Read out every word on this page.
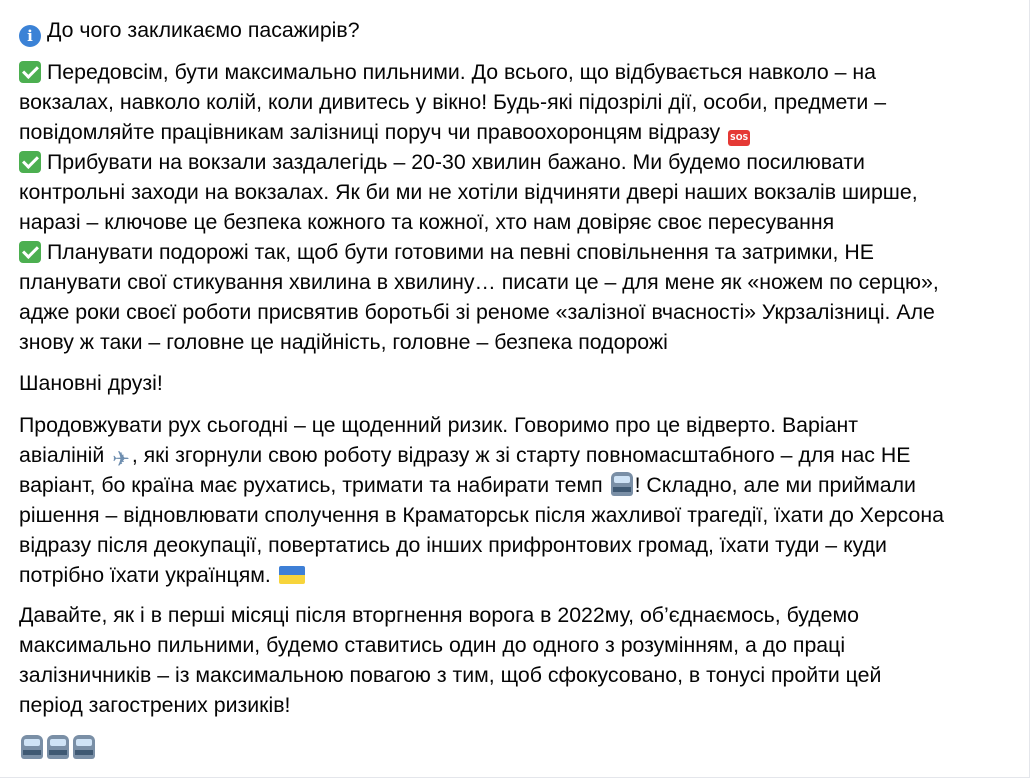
i До чого закликаємо пасажирів?
Передовсім, бути максимально пильними. До всього, що відбувається навколо – на
вокзалах, навколо колій, коли дивитесь у вікно! Будь-які підозрілі дії, особи, предмети –
повідомляйте працівникам залізниці поруч чи правоохоронцям відразу SOS
Прибувати на вокзали заздалегідь – 20-30 хвилин бажано. Ми будемо посилювати
контрольні заходи на вокзалах. Як би ми не хотіли відчиняти двері наших вокзалів ширше,
наразі – ключове це безпека кожного та кожної, хто нам довіряє своє пересування
Планувати подорожі так, щоб бути готовими на певні сповільнення та затримки, НЕ
планувати свої стикування хвилина в хвилину… писати це – для мене як «ножем по серцю»,
адже роки своєї роботи присвятив боротьбі зі реномe «залізної вчасності» Укрзалізниці. Але
знову ж таки – головне це надійність, головне – безпека подорожі
Шановні друзі!
Продовжувати рух сьогодні – це щоденний ризик. Говоримо про це відверто. Варіант
авіаліній ✈, які згорнули свою роботу відразу ж зі старту повномасштабного – для нас НЕ
варіант, бо країна має рухатись, тримати та набирати темп ! Складно, але ми приймали
рішення – відновлювати сполучення в Краматорськ після жахливої трагедії, їхати до Херсона
відразу після деокупації, повертатись до інших прифронтових громад, їхати туди – куди
потрібно їхати українцям.
Давайте, як і в перші місяці після вторгнення ворога в 2022му, об’єднаємось, будемо
максимально пильними, будемо ставитись один до одного з розумінням, а до праці
залізничників – із максимальною повагою з тим, щоб сфокусовано, в тонусі пройти цей
період загострених ризиків!
